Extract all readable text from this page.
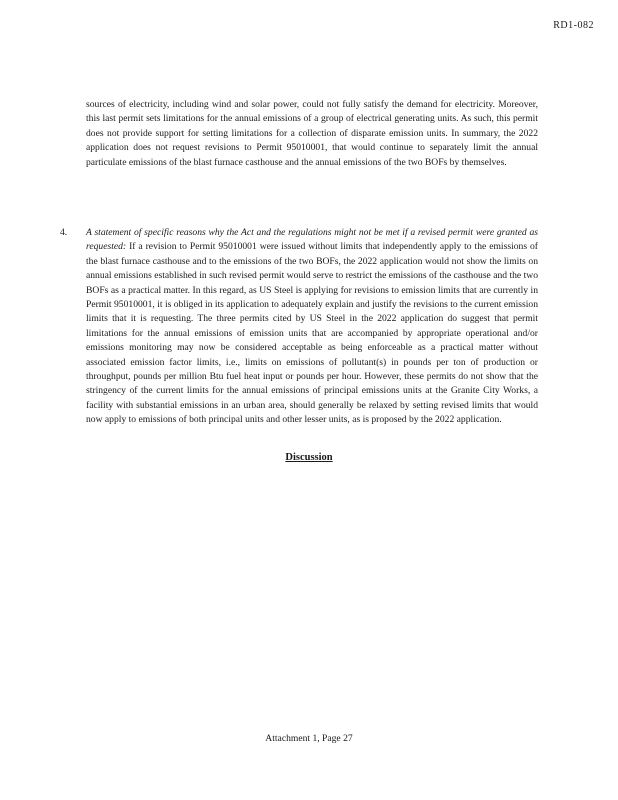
RD1-082

sources of electricity, including wind and solar power, could not fully satisfy the demand for electricity. Moreover, this last permit sets limitations for the annual emissions of a group of electrical generating units. As such, this permit does not provide support for setting limitations for a collection of disparate emission units. In summary, the 2022 application does not request revisions to Permit 95010001, that would continue to separately limit the annual particulate emissions of the blast furnace casthouse and the annual emissions of the two BOFs by themselves.

4. A statement of specific reasons why the Act and the regulations might not be met if a revised permit were granted as requested: If a revision to Permit 95010001 were issued without limits that independently apply to the emissions of the blast furnace casthouse and to the emissions of the two BOFs, the 2022 application would not show the limits on annual emissions established in such revised permit would serve to restrict the emissions of the casthouse and the two BOFs as a practical matter. In this regard, as US Steel is applying for revisions to emission limits that are currently in Permit 95010001, it is obliged in its application to adequately explain and justify the revisions to the current emission limits that it is requesting. The three permits cited by US Steel in the 2022 application do suggest that permit limitations for the annual emissions of emission units that are accompanied by appropriate operational and/or emissions monitoring may now be considered acceptable as being enforceable as a practical matter without associated emission factor limits, i.e., limits on emissions of pollutant(s) in pounds per ton of production or throughput, pounds per million Btu fuel heat input or pounds per hour. However, these permits do not show that the stringency of the current limits for the annual emissions of principal emissions units at the Granite City Works, a facility with substantial emissions in an urban area, should generally be relaxed by setting revised limits that would now apply to emissions of both principal units and other lesser units, as is proposed by the 2022 application.

Discussion
Attachment 1, Page 27
